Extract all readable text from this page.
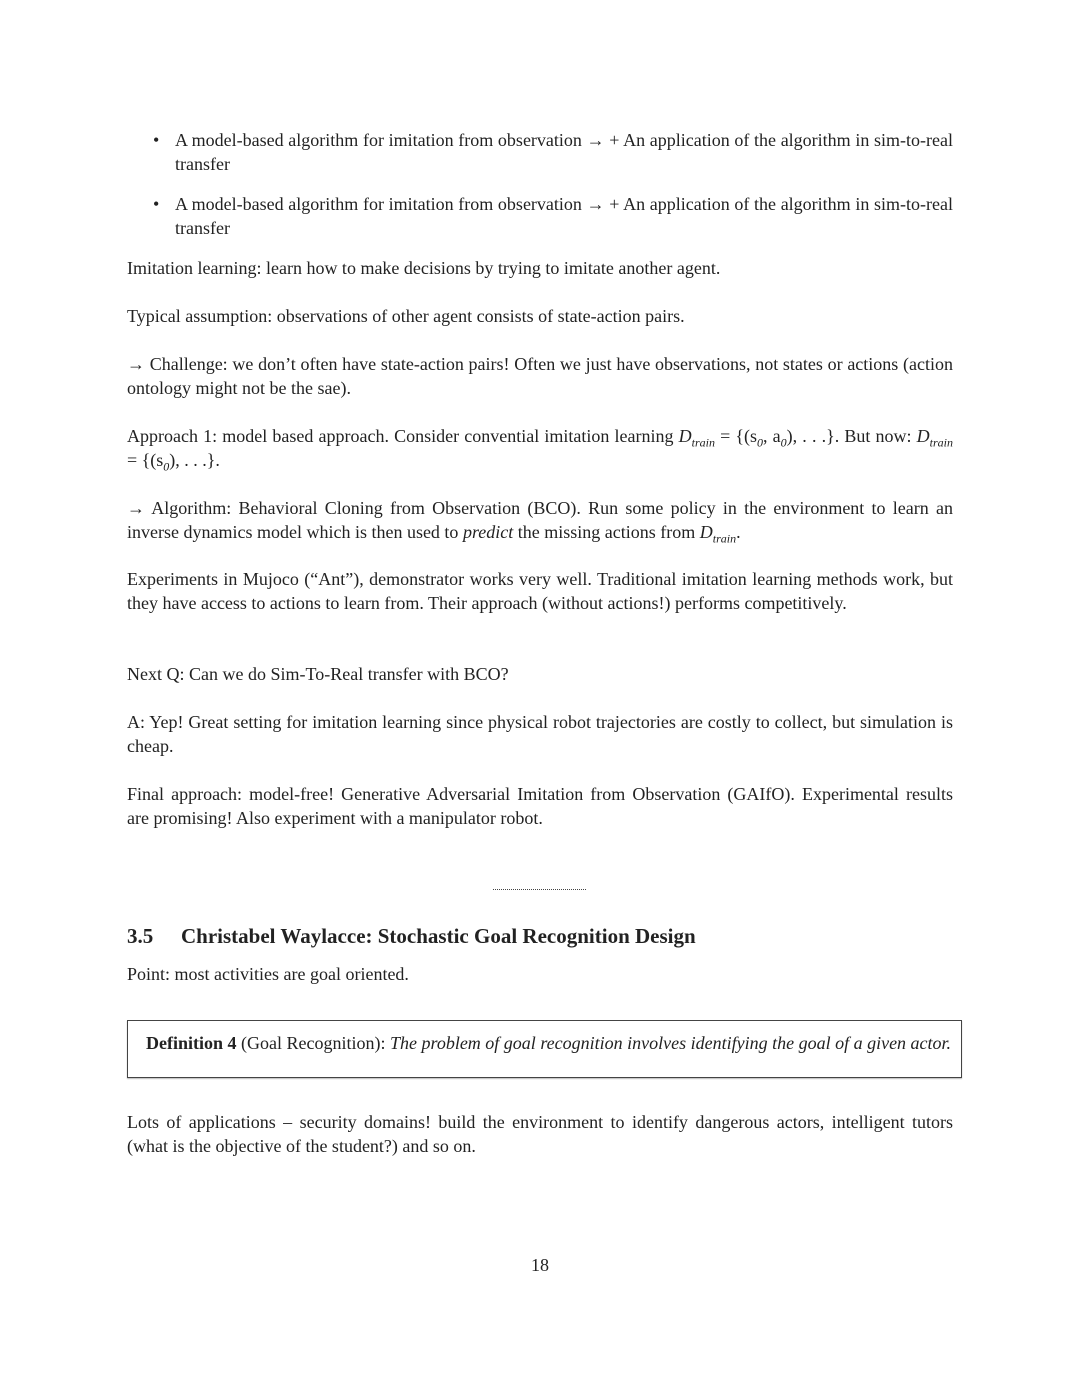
• A model-based algorithm for imitation from observation → + An application of the algorithm in sim-to-real transfer
• A model-based algorithm for imitation from observation → + An application of the algorithm in sim-to-real transfer
Imitation learning: learn how to make decisions by trying to imitate another agent.
Typical assumption: observations of other agent consists of state-action pairs.
→ Challenge: we don’t often have state-action pairs! Often we just have observations, not states or actions (action ontology might not be the sae).
Approach 1: model based approach. Consider convential imitation learning $D_{train} = \{(s_0$, $a_0$), . . .}. But now: $D_{train} = \{(s_0)$, . . .}.
→ Algorithm: Behavioral Cloning from Observation (BCO). Run some policy in the environment to learn an inverse dynamics model which is then used to predict the missing actions from $D_{train}$.
Experiments in Mujoco (“Ant”), demonstrator works very well. Traditional imitation learning methods work, but they have access to actions to learn from. Their approach (without actions!) performs competitively.
Next Q: Can we do Sim-To-Real transfer with BCO?
A: Yep! Great setting for imitation learning since physical robot trajectories are costly to collect, but simulation is cheap.
Final approach: model-free! Generative Adversarial Imitation from Observation (GAIfO). Experimental results are promising! Also experiment with a manipulator robot.
3.5 Christabel Waylacce: Stochastic Goal Recognition Design
Point: most activities are goal oriented.
Definition 4 (Goal Recognition): The problem of goal recognition involves identifying the goal of a given actor.
Lots of applications – security domains! build the environment to identify dangerous actors, intelligent tutors (what is the objective of the student?) and so on.
18
